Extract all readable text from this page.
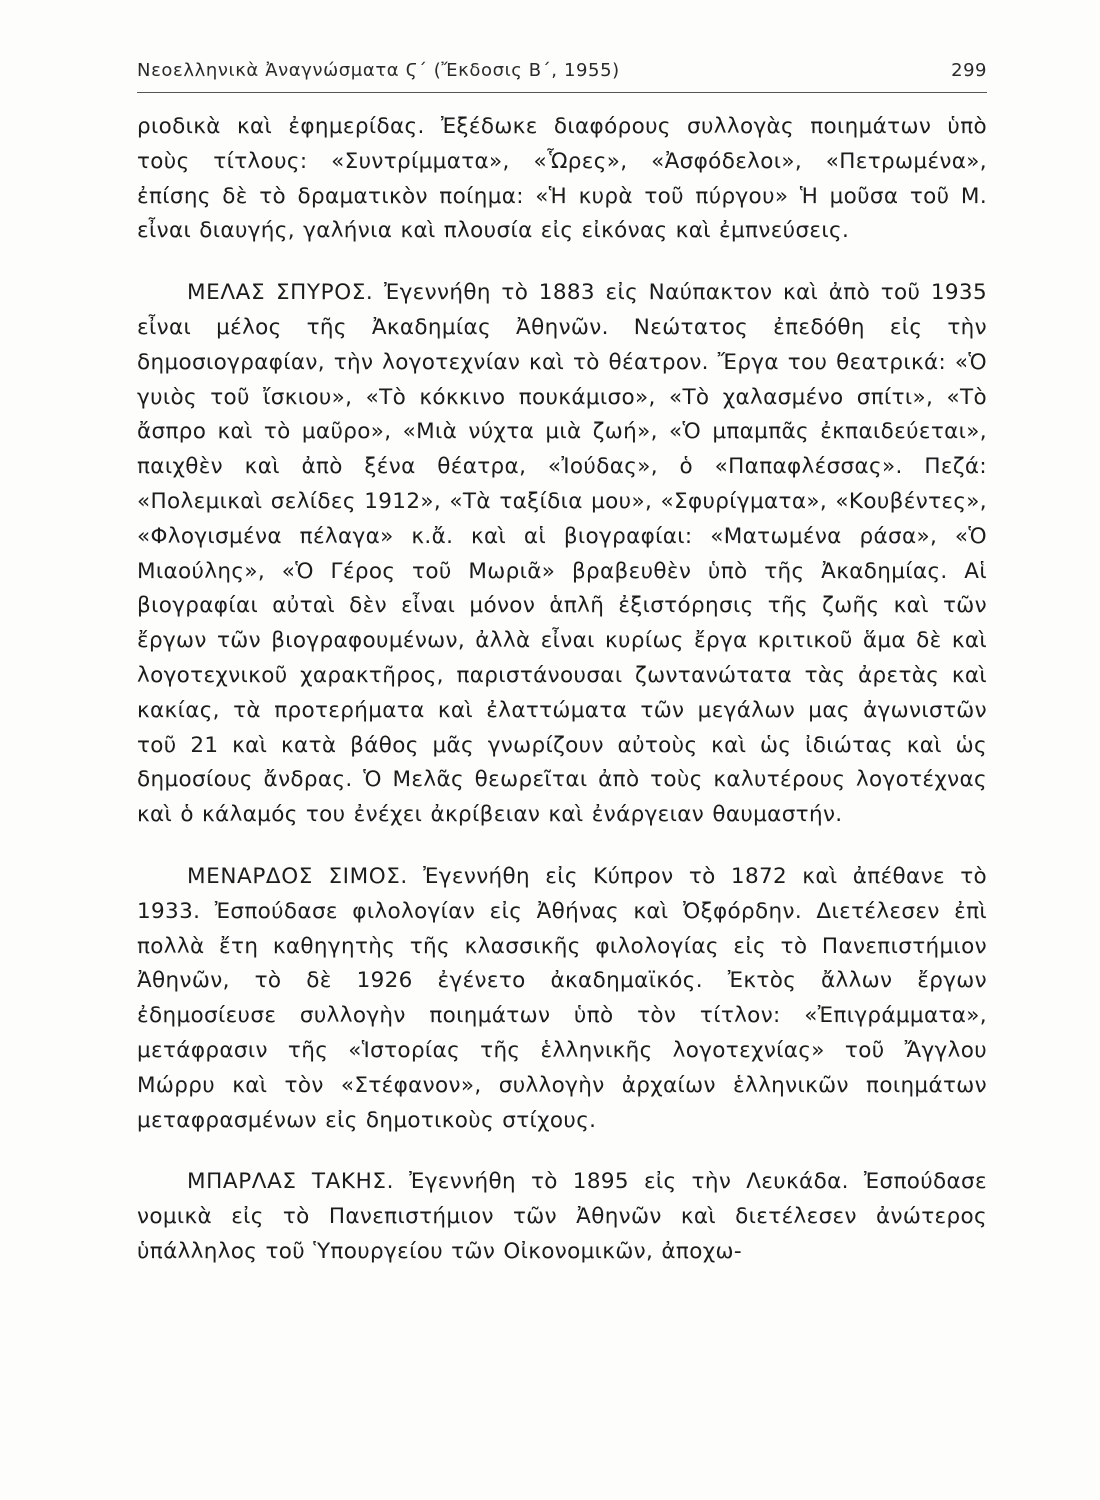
Νεοελληνικὰ Ἀναγνώσματα Ϛ´ (Ἔκδοσις Β´, 1955)	299

ριοδικὰ καὶ ἐφημερίδας. Ἐξέδωκε διαφόρους συλλογὰς ποιημάτων ὑπὸ τοὺς τίτλους: «Συντρίμματα», «Ὧρες», «Ἀσφόδελοι», «Πετρωμένα», ἐπίσης δὲ τὸ δραματικὸν ποίημα: «Ἡ κυρὰ τοῦ πύργου» Ἡ μοῦσα τοῦ Μ. εἶναι διαυγής, γαλήνια καὶ πλουσία εἰς εἰκόνας καὶ ἐμπνεύσεις.

ΜΕΛΑΣ ΣΠΥΡΟΣ. Ἐγεννήθη τὸ 1883 εἰς Ναύπακτον καὶ ἀπὸ τοῦ 1935 εἶναι μέλος τῆς Ἀκαδημίας Ἀθηνῶν. Νεώτατος ἐπεδόθη εἰς τὴν δημοσιογραφίαν, τὴν λογοτεχνίαν καὶ τὸ θέατρον. Ἔργα του θεατρικά: «Ὁ γυιὸς τοῦ ἴσκιου», «Τὸ κόκκινο πουκάμισο», «Τὸ χαλασμένο σπίτι», «Τὸ ἄσπρο καὶ τὸ μαῦρο», «Μιὰ νύχτα μιὰ ζωή», «Ὁ μπαμπᾶς ἐκπαιδεύεται», παιχθὲν καὶ ἀπὸ ξένα θέατρα, «Ἰούδας», ὁ «Παπαφλέσσας». Πεζά: «Πολεμικαὶ σελίδες 1912», «Τὰ ταξίδια μου», «Σφυρίγματα», «Κουβέντες», «Φλογισμένα πέλαγα» κ.ἄ. καὶ αἱ βιογραφίαι: «Ματωμένα ράσα», «Ὁ Μιαούλης», «Ὁ Γέρος τοῦ Μωριᾶ» βραβευθὲν ὑπὸ τῆς Ἀκαδημίας. Αἱ βιογραφίαι αὐταὶ δὲν εἶναι μόνον ἁπλῆ ἐξιστόρησις τῆς ζωῆς καὶ τῶν ἔργων τῶν βιογραφουμένων, ἀλλὰ εἶναι κυρίως ἔργα κριτικοῦ ἅμα δὲ καὶ λογοτεχνικοῦ χαρακτῆρος, παριστάνουσαι ζωντανώτατα τὰς ἀρετὰς καὶ κακίας, τὰ προτερήματα καὶ ἐλαττώματα τῶν μεγάλων μας ἀγωνιστῶν τοῦ 21 καὶ κατὰ βάθος μᾶς γνωρίζουν αὐτοὺς καὶ ὡς ἰδιώτας καὶ ὡς δημοσίους ἄνδρας. Ὁ Μελᾶς θεωρεῖται ἀπὸ τοὺς καλυτέρους λογοτέχνας καὶ ὁ κάλαμός του ἐνέχει ἀκρίβειαν καὶ ἐνάργειαν θαυμαστήν.

ΜΕΝΑΡΔΟΣ ΣΙΜΟΣ. Ἐγεννήθη εἰς Κύπρον τὸ 1872 καὶ ἀπέθανε τὸ 1933. Ἐσπούδασε φιλολογίαν εἰς Ἀθήνας καὶ Ὀξφόρδην. Διετέλεσεν ἐπὶ πολλὰ ἔτη καθηγητὴς τῆς κλασσικῆς φιλολογίας εἰς τὸ Πανεπιστήμιον Ἀθηνῶν, τὸ δὲ 1926 ἐγένετο ἀκαδημαϊκός. Ἐκτὸς ἄλλων ἔργων ἐδημοσίευσε συλλογὴν ποιημάτων ὑπὸ τὸν τίτλον: «Ἐπιγράμματα», μετάφρασιν τῆς «Ἱστορίας τῆς ἑλληνικῆς λογοτεχνίας» τοῦ Ἄγγλου Μώρρυ καὶ τὸν «Στέφανον», συλλογὴν ἀρχαίων ἑλληνικῶν ποιημάτων μεταφρασμένων εἰς δημοτικοὺς στίχους.

ΜΠΑΡΛΑΣ ΤΑΚΗΣ. Ἐγεννήθη τὸ 1895 εἰς τὴν Λευκάδα. Ἐσπούδασε νομικὰ εἰς τὸ Πανεπιστήμιον τῶν Ἀθηνῶν καὶ διετέλεσεν ἀνώτερος ὑπάλληλος τοῦ Ὑπουργείου τῶν Οἰκονομικῶν, ἀποχω-
